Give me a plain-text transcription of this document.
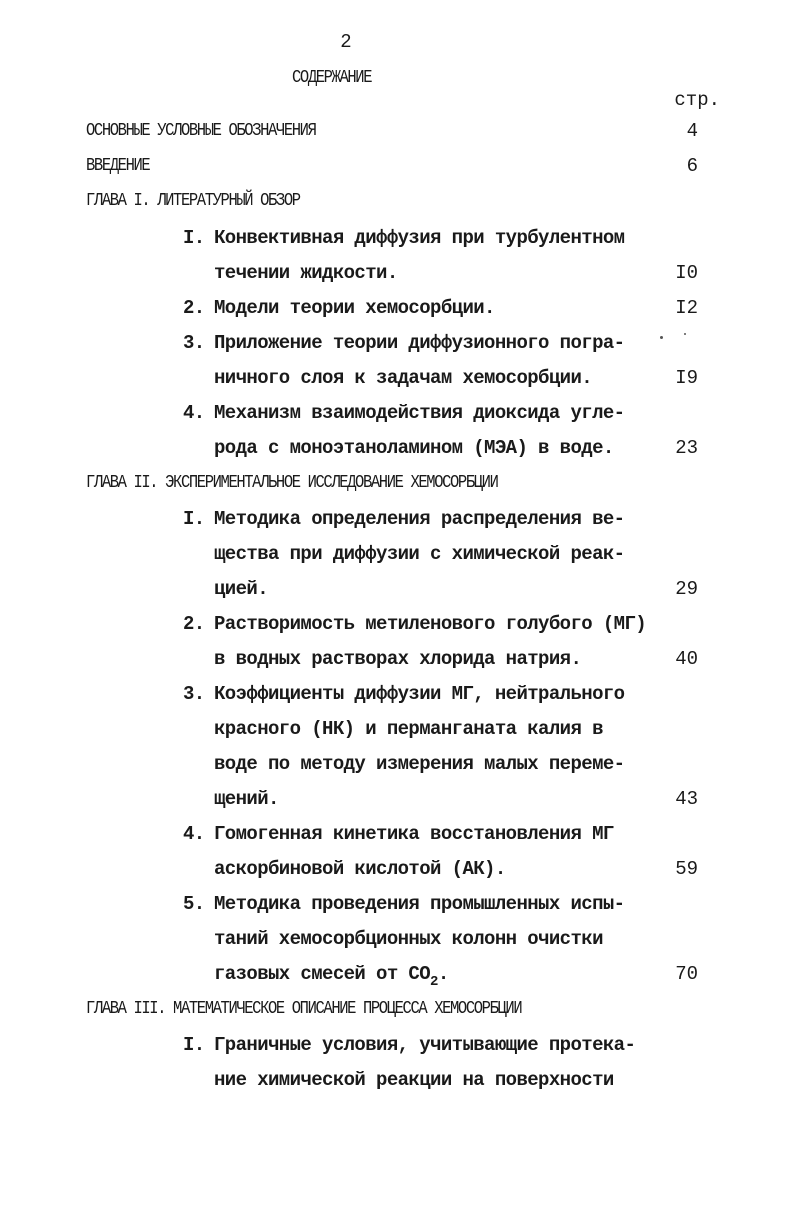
2
СОДЕРЖАНИЕ
стр.
ОСНОВНЫЕ УСЛОВНЫЕ ОБОЗНАЧЕНИЯ	4
ВВЕДЕНИЕ	6
ГЛАВА I. ЛИТЕРАТУРНЫЙ ОБЗОР
I. Конвективная диффузия при турбулентном
течении жидкости.	I0
2. Модели теории хемосорбции.	I2
3. Приложение теории диффузионного погра-
ничного слоя к задачам хемосорбции.	I9
4. Механизм взаимодействия диоксида угле-
рода с моноэтаноламином (МЭА) в воде.	23
ГЛАВА II. ЭКСПЕРИМЕНТАЛЬНОЕ ИССЛЕДОВАНИЕ ХЕМОСОРБЦИИ
I. Методика определения распределения ве-
щества при диффузии с химической реак-
цией.	29
2. Растворимость метиленового голубого (МГ)
в водных растворах хлорида натрия.	40
3. Коэффициенты диффузии МГ, нейтрального
красного (НК) и перманганата калия в
воде по методу измерения малых переме-
щений.	43
4. Гомогенная кинетика восстановления МГ
аскорбиновой кислотой (АК).	59
5. Методика проведения промышленных испы-
таний хемосорбционных колонн очистки
газовых смесей от $CO_2$.	70
ГЛАВА III. МАТЕМАТИЧЕСКОЕ ОПИСАНИЕ ПРОЦЕССА ХЕМОСОРБЦИИ
I. Граничные условия, учитывающие протека-
ние химической реакции на поверхности
